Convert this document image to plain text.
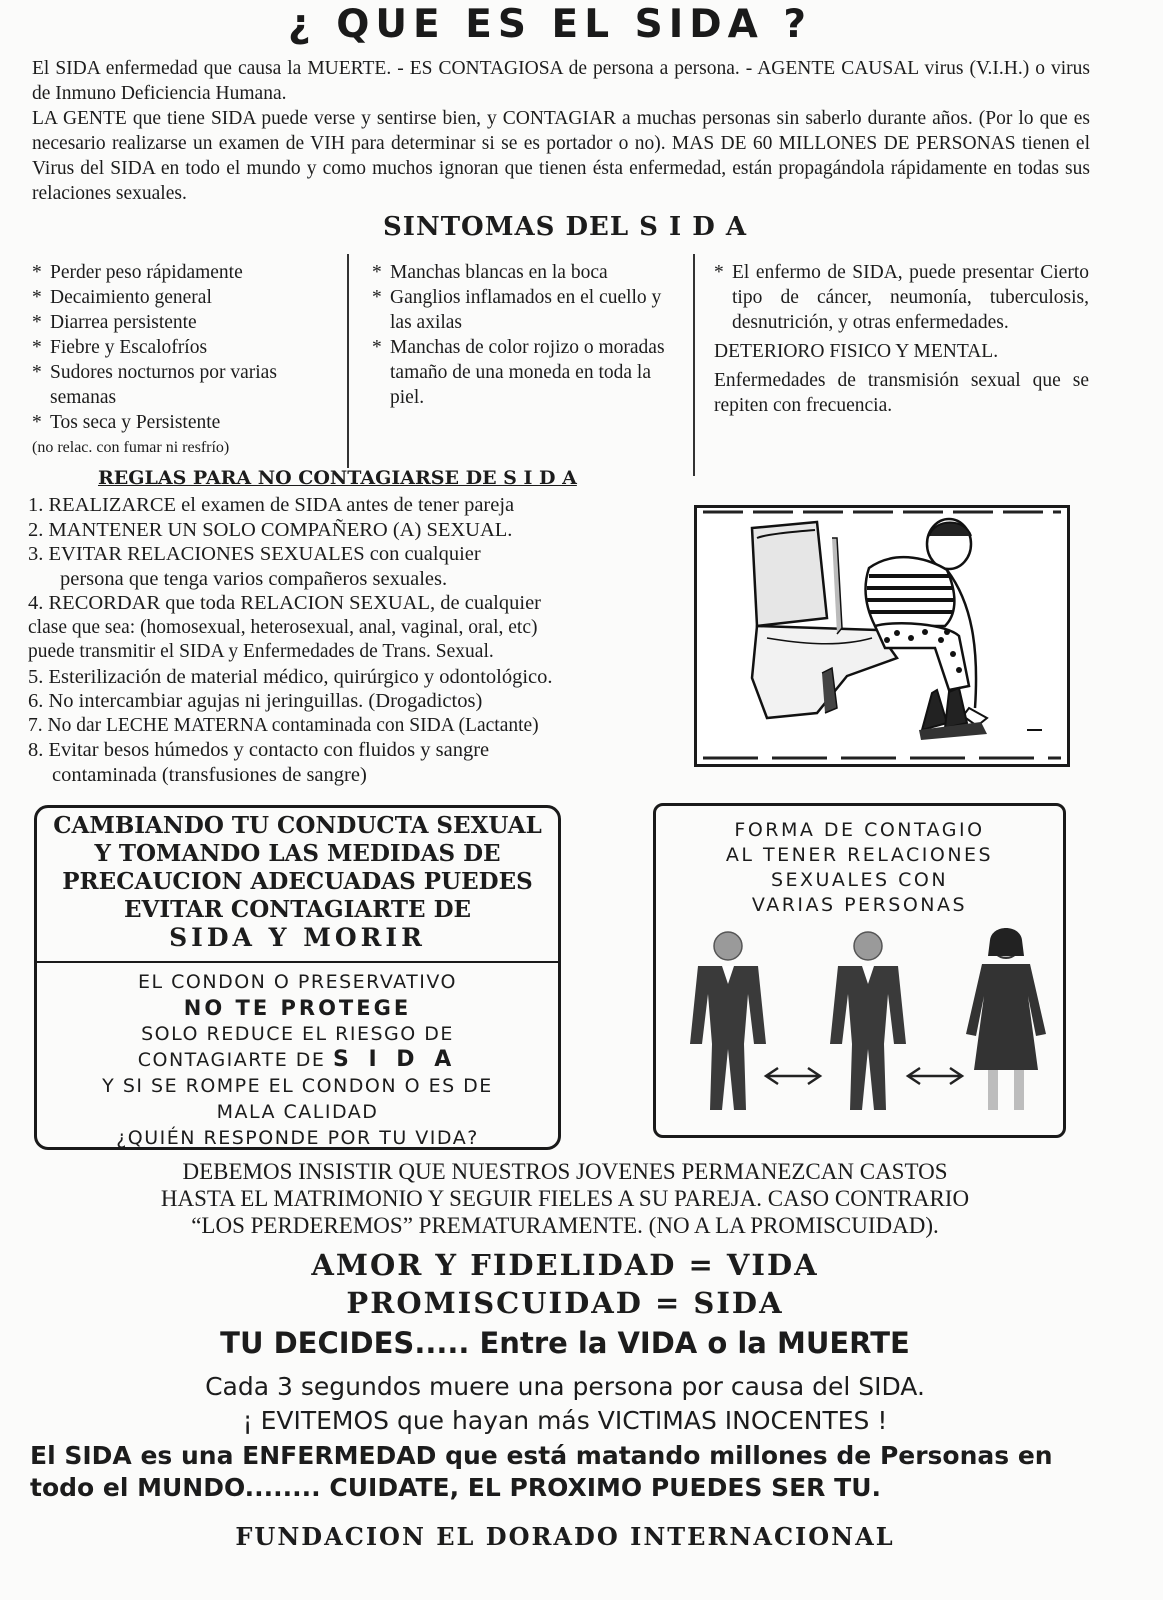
¿ QUE ES EL SIDA ?

El SIDA enfermedad que causa la MUERTE. - ES CONTAGIOSA de persona a persona. - AGENTE CAUSAL virus (V.I.H.) o virus de Inmuno Deficiencia Humana.

LA GENTE que tiene SIDA puede verse y sentirse bien, y CONTAGIAR a muchas personas sin saberlo durante años. (Por lo que es necesario realizarse un examen de VIH para determinar si se es portador o no). MAS DE 60 MILLONES DE PERSONAS tienen el Virus del SIDA en todo el mundo y como muchos ignoran que tienen ésta enfermedad, están propagándola rápidamente en todas sus relaciones sexuales.

SINTOMAS DEL S I D A
* Perder peso rápidamente
* Decaimiento general
* Diarrea persistente
* Fiebre y Escalofríos
* Sudores nocturnos por varias semanas
* Tos seca y Persistente
(no relac. con fumar ni resfrío)
* Manchas blancas en la boca
* Ganglios inflamados en el cuello y las axilas
* Manchas de color rojizo o moradas tamaño de una moneda en toda la piel.
* El enfermo de SIDA, puede presentar Cierto tipo de cáncer, neumonía, tuberculosis, desnutrición, y otras enfermedades.
DETERIORO FISICO Y MENTAL.
Enfermedades de transmisión sexual que se repiten con frecuencia.
REGLAS PARA NO CONTAGIARSE DE S I D A
1. REALIZARCE el examen de SIDA antes de tener pareja
2. MANTENER UN SOLO COMPAÑERO (A) SEXUAL.
3. EVITAR RELACIONES SEXUALES con cualquier
persona que tenga varios compañeros sexuales.
4. RECORDAR que toda RELACION SEXUAL, de cualquier
clase que sea: (homosexual, heterosexual, anal, vaginal, oral, etc)
puede transmitir el SIDA y Enfermedades de Trans. Sexual.
5. Esterilización de material médico, quirúrgico y odontológico.
6. No intercambiar agujas ni jeringuillas. (Drogadictos)
7. No dar LECHE MATERNA contaminada con SIDA (Lactante)
8. Evitar besos húmedos y contacto con fluidos y sangre
contaminada (transfusiones de sangre)
CAMBIANDO TU CONDUCTA SEXUAL
Y TOMANDO LAS MEDIDAS DE
PRECAUCION ADECUADAS PUEDES
EVITAR CONTAGIARTE DE
SIDA Y MORIR
EL CONDON O PRESERVATIVO
NO TE PROTEGE
SOLO REDUCE EL RIESGO DE
CONTAGIARTE DE S I D A
Y SI SE ROMPE EL CONDON O ES DE
MALA CALIDAD
¿QUIÉN RESPONDE POR TU VIDA?
FORMA DE CONTAGIO
AL TENER RELACIONES
SEXUALES CON
VARIAS PERSONAS
DEBEMOS INSISTIR QUE NUESTROS JOVENES PERMANEZCAN CASTOS
HASTA EL MATRIMONIO Y SEGUIR FIELES A SU PAREJA. CASO CONTRARIO
“LOS PERDEREMOS” PREMATURAMENTE. (NO A LA PROMISCUIDAD).
AMOR Y FIDELIDAD = VIDA
PROMISCUIDAD = SIDA
TU DECIDES..... Entre la VIDA o la MUERTE
Cada 3 segundos muere una persona por causa del SIDA.
¡ EVITEMOS que hayan más VICTIMAS INOCENTES !
El SIDA es una ENFERMEDAD que está matando millones de Personas en todo el MUNDO........ CUIDATE, EL PROXIMO PUEDES SER TU.
FUNDACION EL DORADO INTERNACIONAL
